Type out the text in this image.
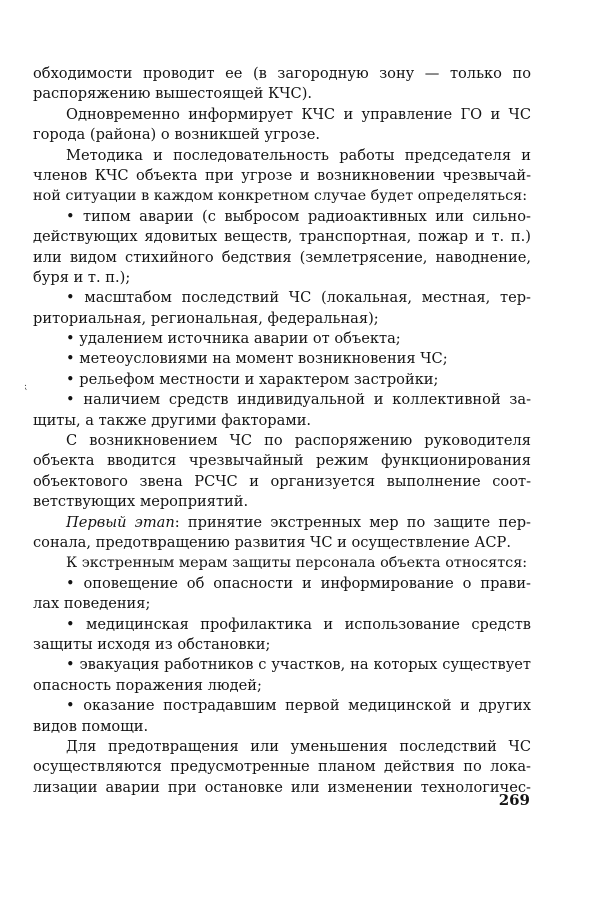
обходимости проводит ее (в загородную зону — только по
распоряжению вышестоящей КЧС).
Одновременно информирует КЧС и управление ГО и ЧС
города (района) о возникшей угрозе.
Методика и последовательность работы председателя и
членов КЧС объекта при угрозе и возникновении чрезвычай-
ной ситуации в каждом конкретном случае будет определяться:
• типом аварии (с выбросом радиоактивных или сильно-
действующих ядовитых веществ, транспортная, пожар и т. п.)
или видом стихийного бедствия (землетрясение, наводнение,
буря и т. п.);
• масштабом последствий ЧС (локальная, местная, тер-
риториальная, региональная, федеральная);
• удалением источника аварии от объекта;
• метеоусловиями на момент возникновения ЧС;
• рельефом местности и характером застройки;
• наличием средств индивидуальной и коллективной за-
щиты, а также другими факторами.
С возникновением ЧС по распоряжению руководителя
объекта вводится чрезвычайный режим функционирования
объектового звена РСЧС и организуется выполнение соот-
ветствующих мероприятий.
Первый этап: принятие экстренных мер по защите пер-
сонала, предотвращению развития ЧС и осуществление АСР.
К экстренным мерам защиты персонала объекта относятся:
• оповещение об опасности и информирование о прави-
лах поведения;
• медицинская профилактика и использование средств
защиты исходя из обстановки;
• эвакуация работников с участков, на которых существует
опасность поражения людей;
• оказание пострадавшим первой медицинской и других
видов помощи.
Для предотвращения или уменьшения последствий ЧС
осуществляются предусмотренные планом действия по лока-
лизации аварии при остановке или изменении технологичес-
⁏
269
